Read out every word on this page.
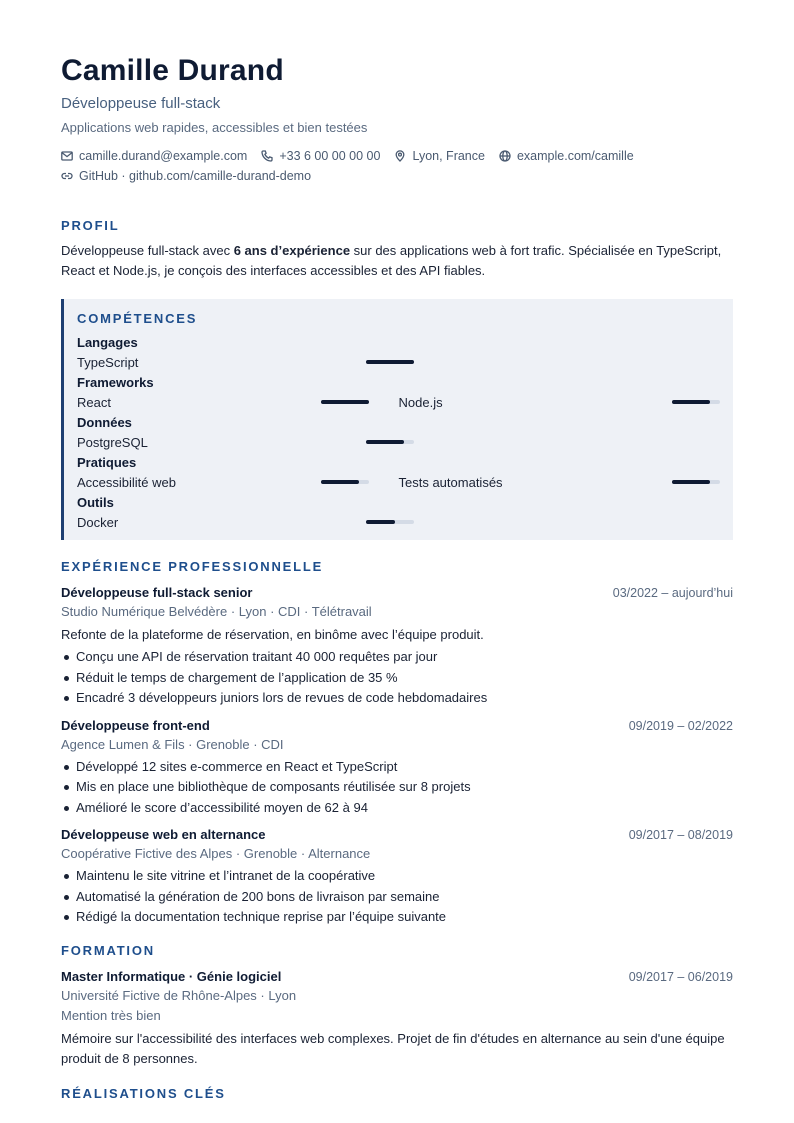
Camille Durand
Développeuse full-stack
Applications web rapides, accessibles et bien testées
camille.durand@example.com	+33 6 00 00 00 00	Lyon, France	example.com/camille
GitHub · github.com/camille-durand-demo
PROFIL
Développeuse full-stack avec 6 ans d’expérience sur des applications web à fort trafic. Spécialisée en TypeScript, React et Node.js, je conçois des interfaces accessibles et des API fiables.
COMPÉTENCES
Langages
TypeScript
Frameworks
React	Node.js
Données
PostgreSQL
Pratiques
Accessibilité web	Tests automatisés
Outils
Docker
EXPÉRIENCE PROFESSIONNELLE
Développeuse full-stack senior	03/2022 – aujourd’hui
Studio Numérique Belvédère · Lyon · CDI · Télétravail
Refonte de la plateforme de réservation, en binôme avec l’équipe produit.
Conçu une API de réservation traitant 40 000 requêtes par jour
Réduit le temps de chargement de l’application de 35 %
Encadré 3 développeurs juniors lors de revues de code hebdomadaires
Développeuse front-end	09/2019 – 02/2022
Agence Lumen & Fils · Grenoble · CDI
Développé 12 sites e-commerce en React et TypeScript
Mis en place une bibliothèque de composants réutilisée sur 8 projets
Amélioré le score d’accessibilité moyen de 62 à 94
Développeuse web en alternance	09/2017 – 08/2019
Coopérative Fictive des Alpes · Grenoble · Alternance
Maintenu le site vitrine et l’intranet de la coopérative
Automatisé la génération de 200 bons de livraison par semaine
Rédigé la documentation technique reprise par l’équipe suivante
FORMATION
Master Informatique · Génie logiciel	09/2017 – 06/2019
Université Fictive de Rhône-Alpes · Lyon
Mention très bien
Mémoire sur l'accessibilité des interfaces web complexes. Projet de fin d'études en alternance au sein d'une équipe produit de 8 personnes.
RÉALISATIONS CLÉS
